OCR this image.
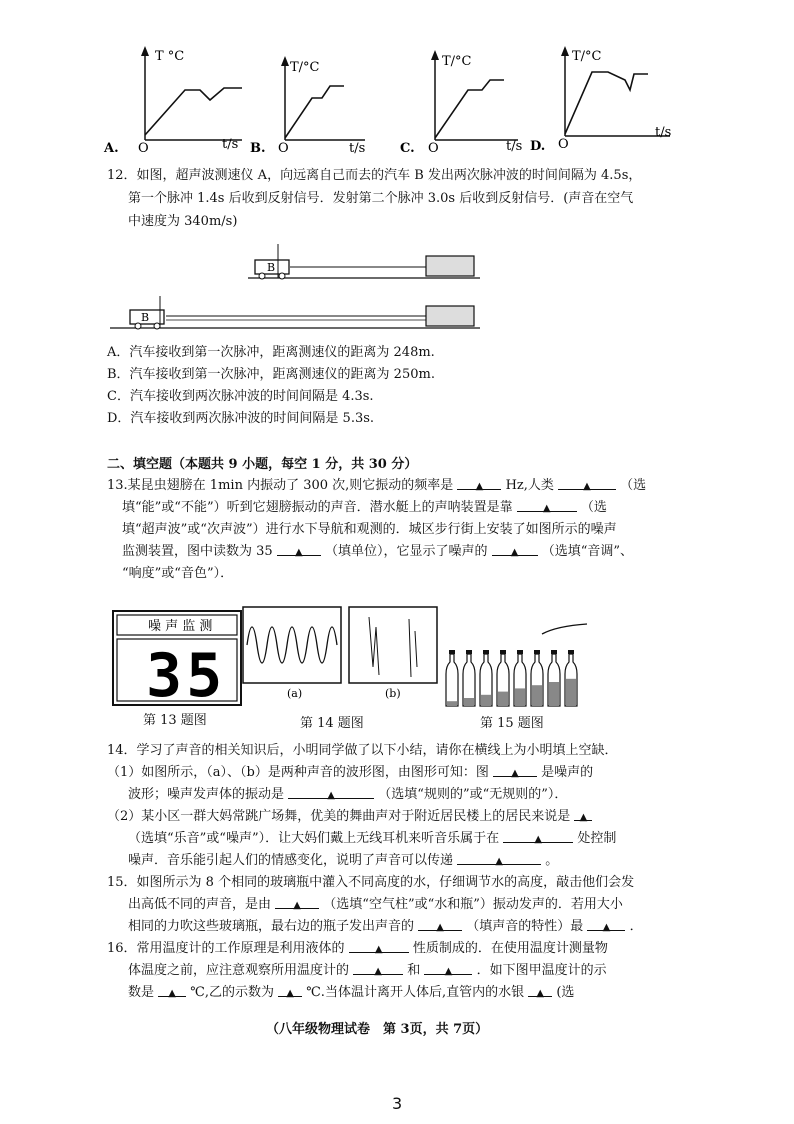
T °C
t/s
O
A.
T/°C
t/s
O
B.
T/°C
t/s
O
C.
T/°C
t/s
O
D.
12．如图，超声波测速仪 A，向远离自己而去的汽车 B 发出两次脉冲波的时间间隔为 4.5s，
第一个脉冲 1.4s 后收到反射信号．发射第二个脉冲 3.0s 后收到反射信号．(声音在空气
中速度为 340m/s)
B
B
A．汽车接收到第一次脉冲，距离测速仪的距离为 248m.
B．汽车接收到第一次脉冲，距离测速仪的距离为 250m.
C．汽车接收到两次脉冲波的时间间隔是 4.3s.
D．汽车接收到两次脉冲波的时间间隔是 5.3s.
二、填空题（本题共 9 小题，每空 1 分，共 30 分）
13.某昆虫翅膀在 1min 内振动了 300 次,则它振动的频率是 ▲ Hz,人类	▲ （选
填“能”或“不能”）听到它翅膀振动的声音．潜水艇上的声呐装置是靠	▲ （选
填“超声波”或“次声波”）进行水下导航和观测的．城区步行街上安装了如图所示的噪声
监测装置，图中读数为 35 ▲ （填单位），它显示了噪声的 ▲ （选填“音调”、
“响度”或“音色”）．
噪 声 监 测
35	(a)	(b)
第 13 题图	第 14 题图	第 15 题图
14．学习了声音的相关知识后，小明同学做了以下小结，请你在横线上为小明填上空缺．
（1）如图所示，（a）、（b）是两种声音的波形图，由图形可知：图 ▲ 是噪声的
波形；噪声发声体的振动是	▲	（选填“规则的”或“无规则的”）．
（2）某小区一群大妈常跳广场舞，优美的舞曲声对于附近居民楼上的居民来说是 ▲
（选填“乐音”或“噪声”）．让大妈们戴上无线耳机来听音乐属于在	▲	处控制
噪声．音乐能引起人们的情感变化，说明了声音可以传递	▲	。
15．如图所示为 8 个相同的玻璃瓶中灌入不同高度的水，仔细调节水的高度，敲击他们会发
出高低不同的声音，是由 ▲ （选填“空气柱”或“水和瓶”）振动发声的．若用大小
相同的力吹这些玻璃瓶，最右边的瓶子发出声音的 ▲ （填声音的特性）最 ▲ ．
16．常用温度计的工作原理是利用液体的	▲ 性质制成的．在使用温度计测量物
体温度之前，应注意观察所用温度计的	▲ 和 ▲ ．如下图甲温度计的示
数是 ▲ ℃,乙的示数为 ▲ ℃.当体温计离开人体后,直管内的水银 ▲ (选
（八年级物理试卷　第 3页，共 7页）
3
